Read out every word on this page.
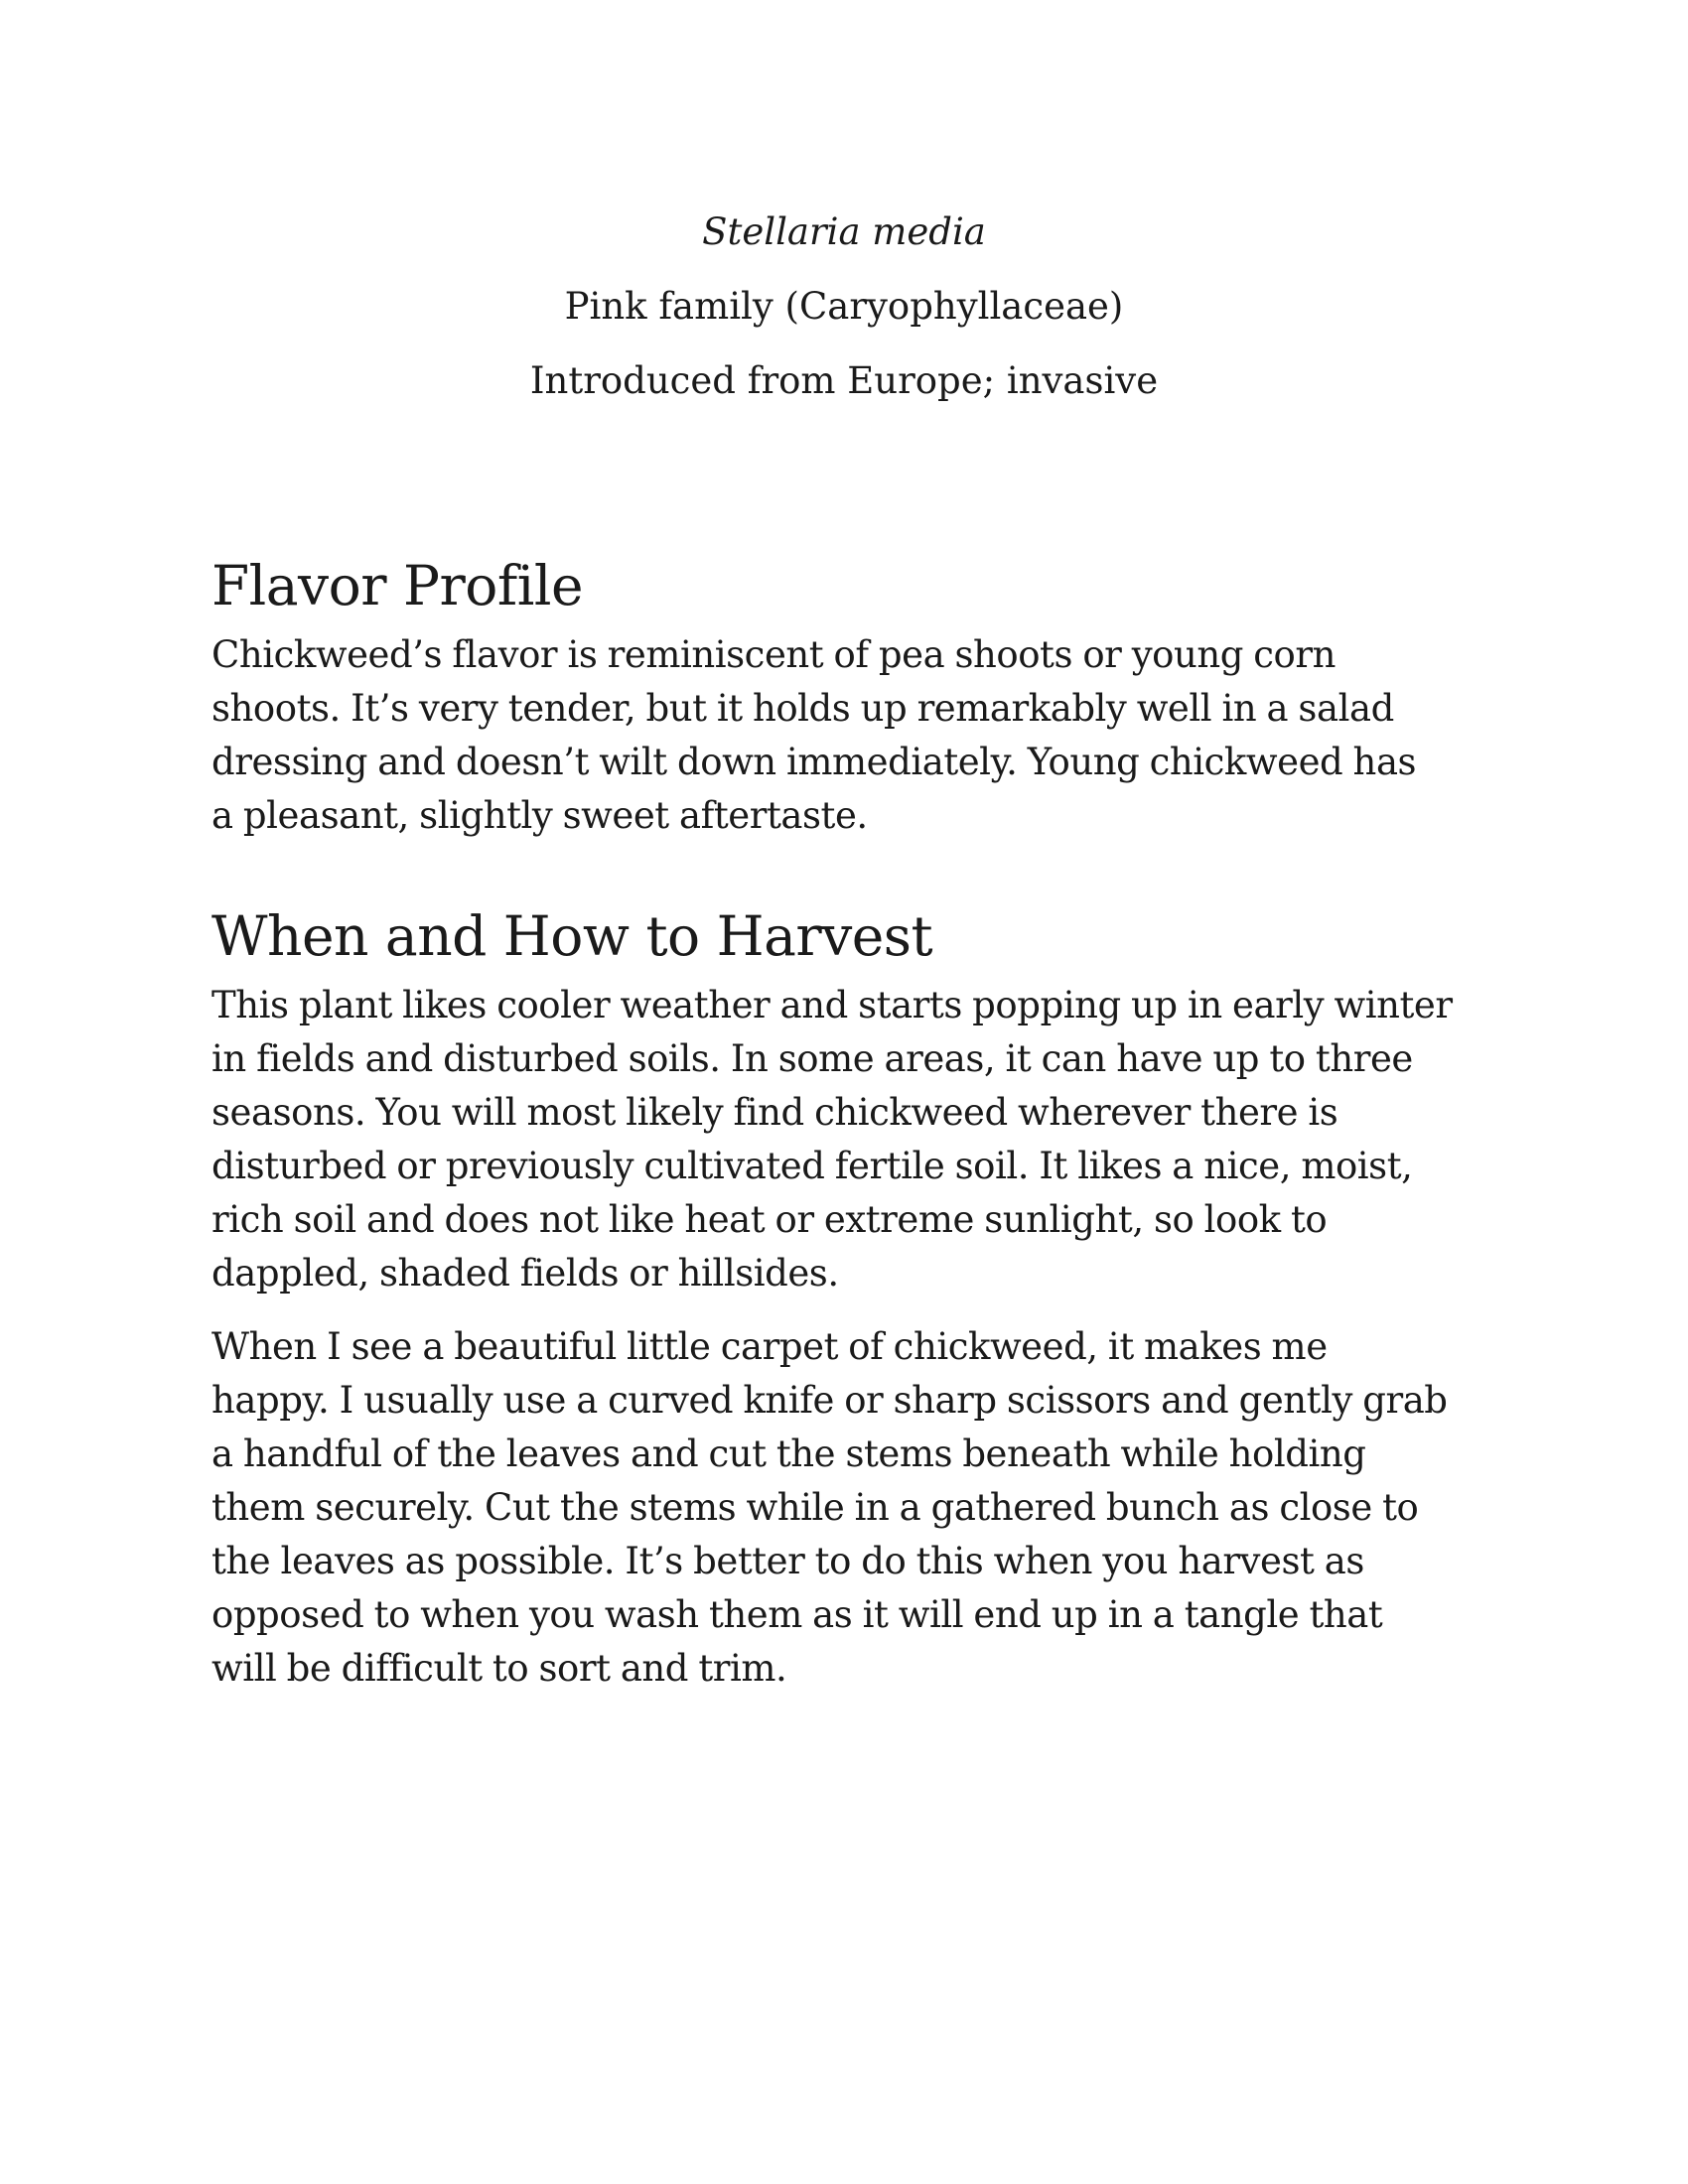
Stellaria media
Pink family (Caryophyllaceae)
Introduced from Europe; invasive
Flavor Profile

Chickweed’s flavor is reminiscent of pea shoots or young corn
shoots. It’s very tender, but it holds up remarkably well in a salad
dressing and doesn’t wilt down immediately. Young chickweed has
a pleasant, slightly sweet aftertaste.

When and How to Harvest

This plant likes cooler weather and starts popping up in early winter
in fields and disturbed soils. In some areas, it can have up to three
seasons. You will most likely find chickweed wherever there is
disturbed or previously cultivated fertile soil. It likes a nice, moist,
rich soil and does not like heat or extreme sunlight, so look to
dappled, shaded fields or hillsides.

When I see a beautiful little carpet of chickweed, it makes me
happy. I usually use a curved knife or sharp scissors and gently grab
a handful of the leaves and cut the stems beneath while holding
them securely. Cut the stems while in a gathered bunch as close to
the leaves as possible. It’s better to do this when you harvest as
opposed to when you wash them as it will end up in a tangle that
will be difficult to sort and trim.
